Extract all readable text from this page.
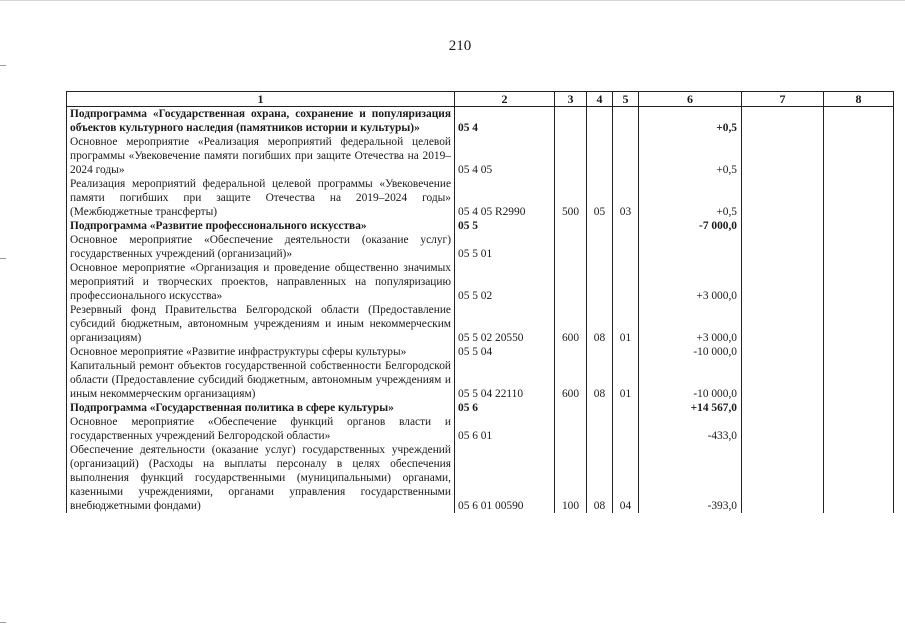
210
1	2	3	4	5	6	7	8
Подпрограмма «Государственная охрана, сохранение и популяризация объектов культурного наследия (памятников истории и культуры)»	05 4				+0,5		
Основное мероприятие «Реализация мероприятий федеральной целевой программы «Увековечение памяти погибших при защите Отечества на 2019–2024 годы»	05 4 05				+0,5		
Реализация мероприятий федеральной целевой программы «Увековечение памяти погибших при защите Отечества на 2019–2024 годы» (Межбюджетные трансферты)	05 4 05 R2990	500	05	03	+0,5		
Подпрограмма «Развитие профессионального искусства»	05 5				-7 000,0		
Основное мероприятие «Обеспечение деятельности (оказание услуг) государственных учреждений (организаций)»	05 5 01						
Основное мероприятие «Организация и проведение общественно значимых мероприятий и творческих проектов, направленных на популяризацию профессионального искусства»	05 5 02				+3 000,0		
Резервный фонд Правительства Белгородской области (Предоставление субсидий бюджетным, автономным учреждениям и иным некоммерческим организациям)	05 5 02 20550	600	08	01	+3 000,0		
Основное мероприятие «Развитие инфраструктуры сферы культуры»	05 5 04				-10 000,0		
Капитальный ремонт объектов государственной собственности Белгородской области (Предоставление субсидий бюджетным, автономным учреждениям и иным некоммерческим организациям)	05 5 04 22110	600	08	01	-10 000,0		
Подпрограмма «Государственная политика в сфере культуры»	05 6				+14 567,0		
Основное мероприятие «Обеспечение функций органов власти и государственных учреждений Белгородской области»	05 6 01				-433,0		
Обеспечение деятельности (оказание услуг) государственных учреждений (организаций) (Расходы на выплаты персоналу в целях обеспечения выполнения функций государственными (муниципальными) органами, казенными учреждениями, органами управления государственными внебюджетными фондами)	05 6 01 00590	100	08	04	-393,0		
